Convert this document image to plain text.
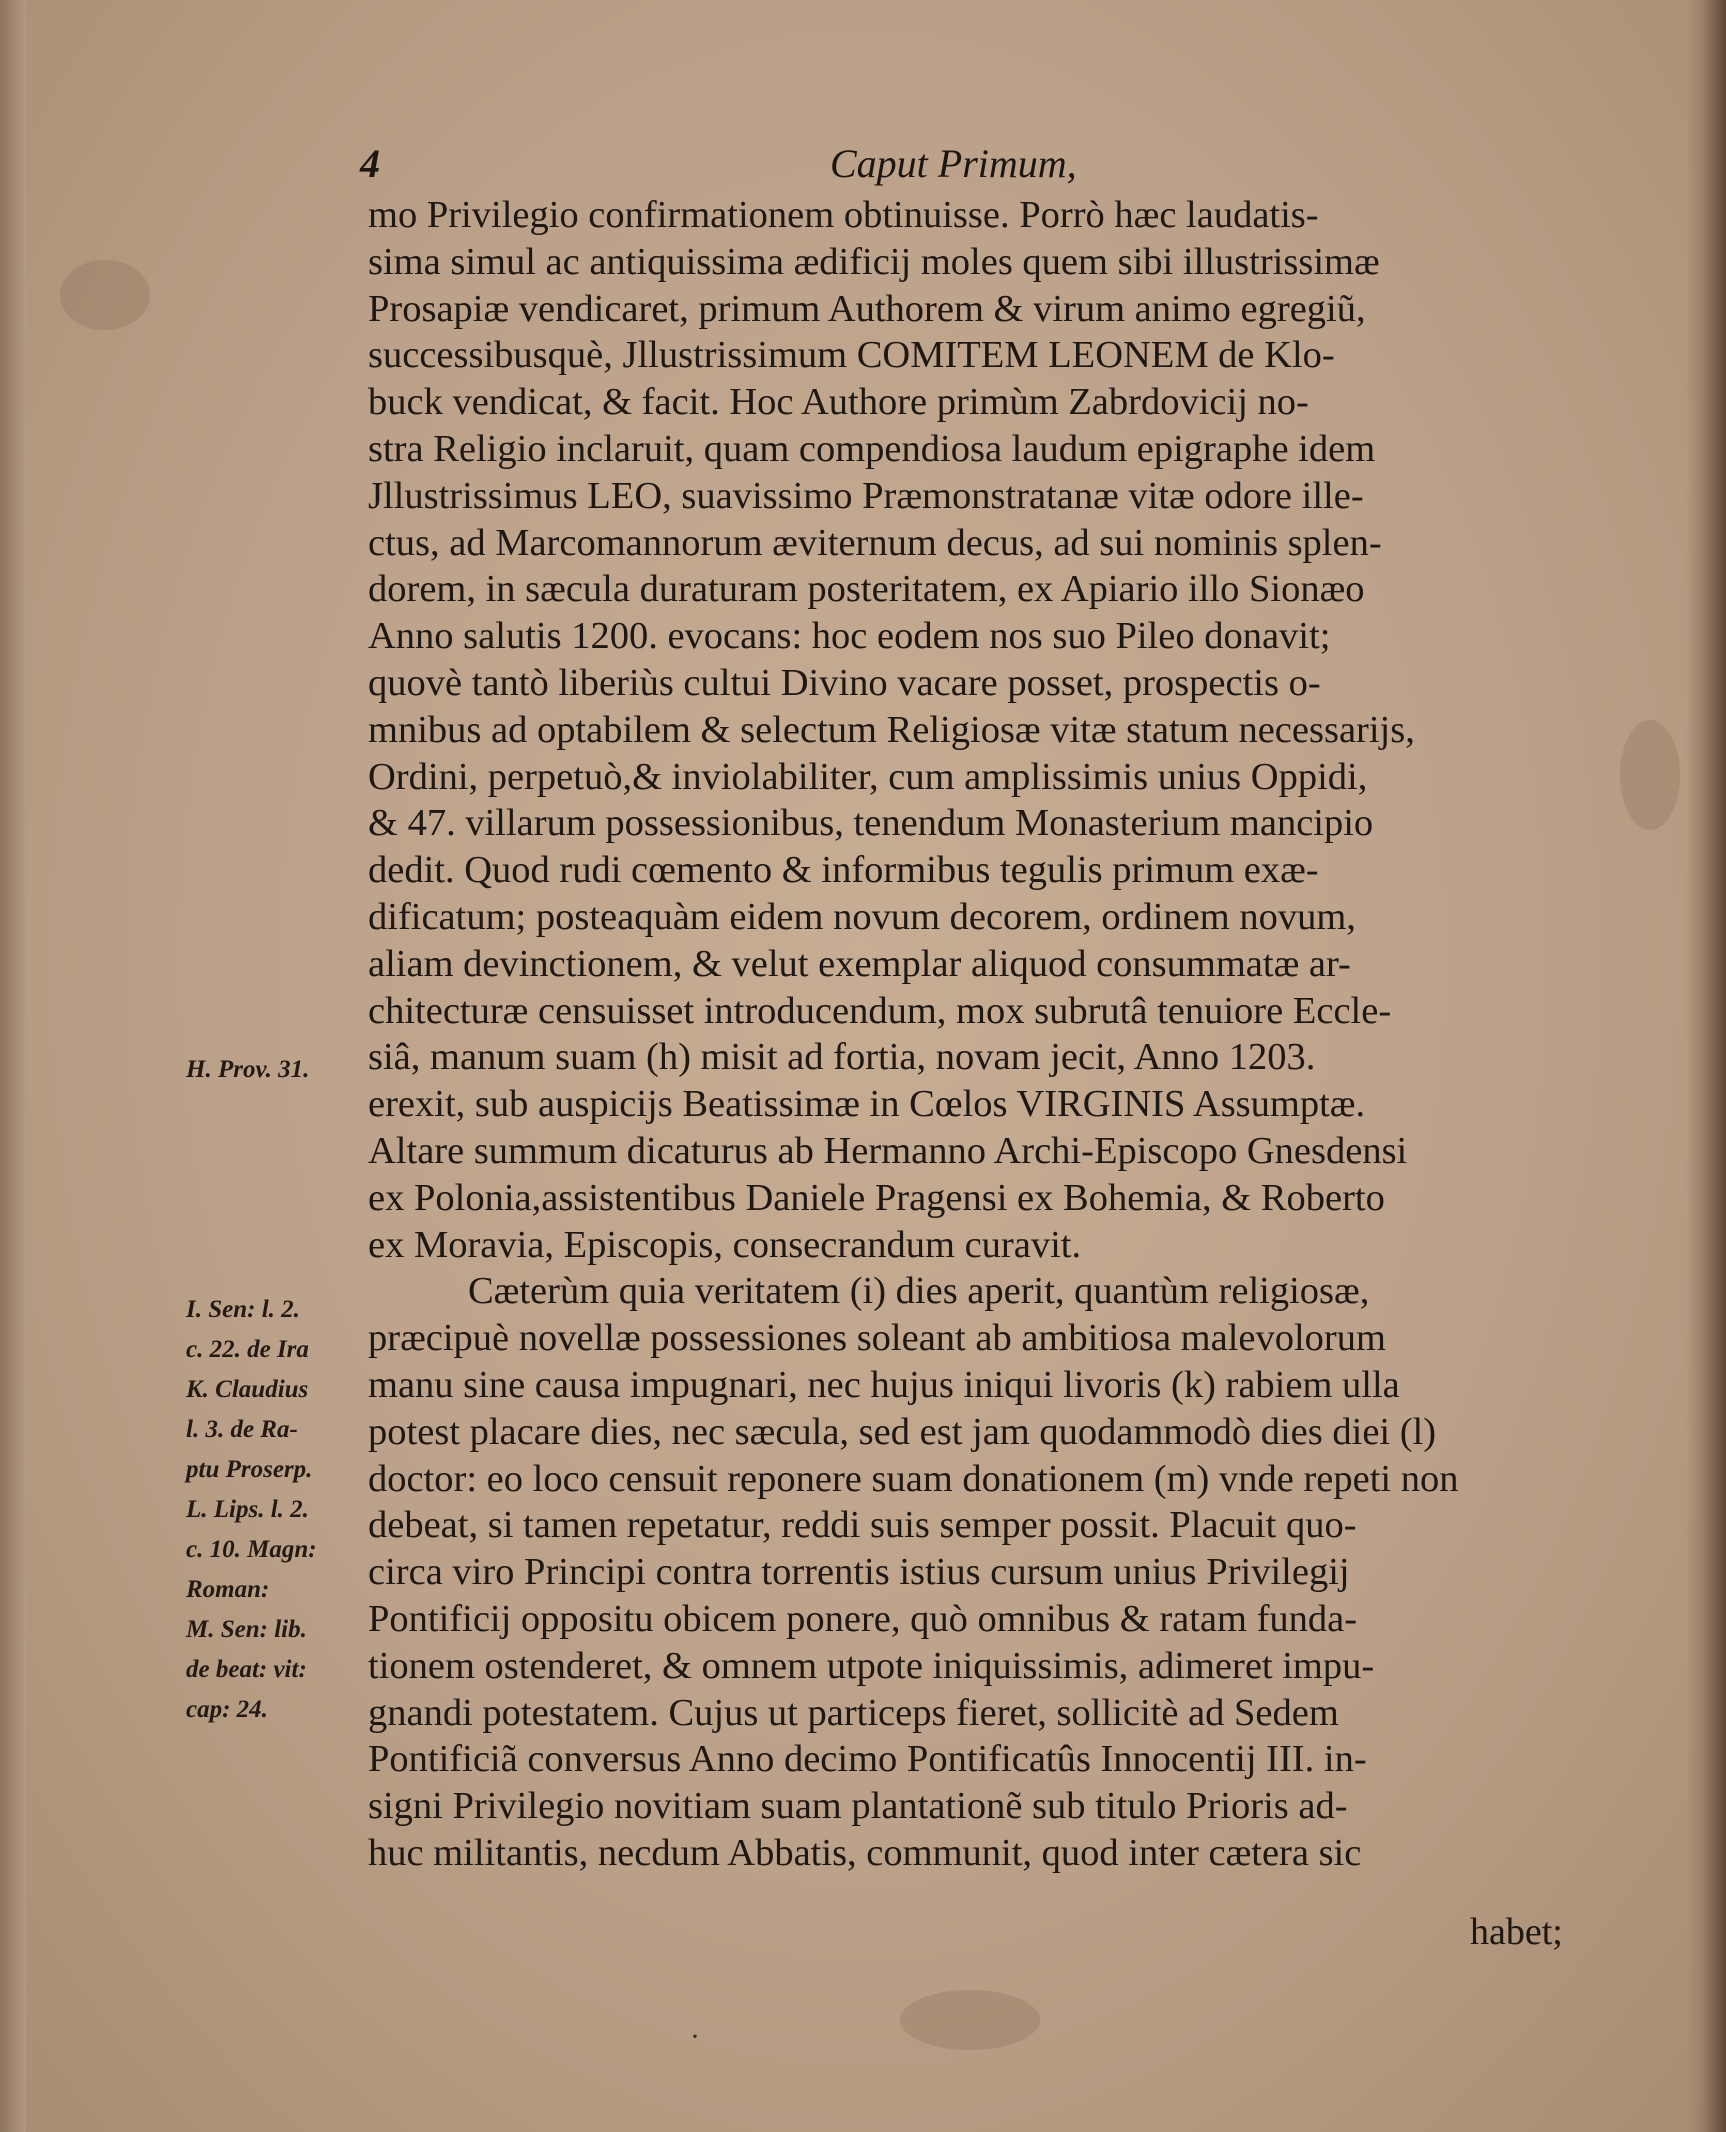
4	Caput Primum,
mo Privilegio confirmationem obtinuisse. Porrò hæc laudatis-
sima simul ac antiquissima ædificij moles quem sibi illustrissimæ
Prosapiæ vendicaret, primum Authorem & virum animo egregiũ,
successibusquè, Jllustrissimum COMITEM LEONEM de Klo-
buck vendicat, & facit. Hoc Authore primùm Zabrdovicij no-
stra Religio inclaruit, quam compendiosa laudum epigraphe idem
Jllustrissimus LEO, suavissimo Præmonstratanæ vitæ odore ille-
ctus, ad Marcomannorum æviternum decus, ad sui nominis splen-
dorem, in sæcula duraturam posteritatem, ex Apiario illo Sionæo
Anno salutis 1200. evocans: hoc eodem nos suo Pileo donavit;
quovè tantò liberiùs cultui Divino vacare posset, prospectis o-
mnibus ad optabilem & selectum Religiosæ vitæ statum necessarijs,
Ordini, perpetuò,& inviolabiliter, cum amplissimis unius Oppidi,
& 47. villarum possessionibus, tenendum Monasterium mancipio
dedit. Quod rudi cœmento & informibus tegulis primum exæ-
dificatum; posteaquàm eidem novum decorem, ordinem novum,
aliam devinctionem, & velut exemplar aliquod consummatæ ar-
chitecturæ censuisset introducendum, mox subrutâ tenuiore Eccle-
siâ, manum suam (h) misit ad fortia, novam jecit, Anno 1203.
erexit, sub auspicijs Beatissimæ in Cœlos VIRGINIS Assumptæ.
Altare summum dicaturus ab Hermanno Archi-Episcopo Gnesdensi
ex Polonia,assistentibus Daniele Pragensi ex Bohemia, & Roberto
ex Moravia, Episcopis, consecrandum curavit.
Cæterùm quia veritatem (i) dies aperit, quantùm religiosæ,
præcipuè novellæ possessiones soleant ab ambitiosa malevolorum
manu sine causa impugnari, nec hujus iniqui livoris (k) rabiem ulla
potest placare dies, nec sæcula, sed est jam quodammodò dies diei (l)
doctor: eo loco censuit reponere suam donationem (m) vnde repeti non
debeat, si tamen repetatur, reddi suis semper possit. Placuit quo-
circa viro Principi contra torrentis istius cursum unius Privilegij
Pontificij oppositu obicem ponere, quò omnibus & ratam funda-
tionem ostenderet, & omnem utpote iniquissimis, adimeret impu-
gnandi potestatem. Cujus ut particeps fieret, sollicitè ad Sedem
Pontificiã conversus Anno decimo Pontificatûs Innocentij III. in-
signi Privilegio novitiam suam plantationẽ sub titulo Prioris ad-
huc militantis, necdum Abbatis, communit, quod inter cætera sic
H. Prov. 31.
I. Sen: l. 2.
c. 22. de Ira
K. Claudius
l. 3. de Ra-
ptu Proserp.
L. Lips. l. 2.
c. 10. Magn:
Roman:
M. Sen: lib.
de beat: vit:
cap: 24.
habet;
·
